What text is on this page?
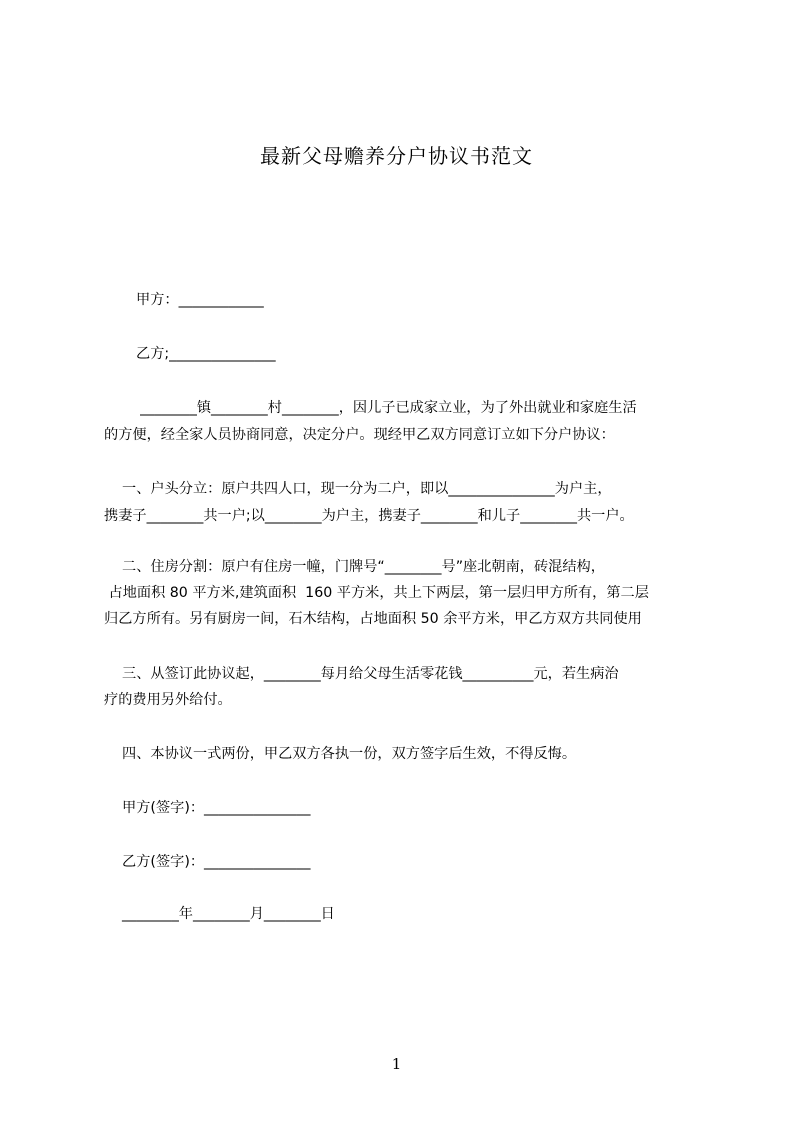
最新父母赡养分户协议书范文
甲方：____________
乙方;_______________
________镇________村________，因儿子已成家立业，为了外出就业和家庭生活
的方便，经全家人员协商同意，决定分户。现经甲乙双方同意订立如下分户协议：
一、户头分立：原户共四人口，现一分为二户，即以_______________为户主，
携妻子________共一户;以________为户主，携妻子________和儿子________共一户。
二、住房分割：原户有住房一幢，门牌号“________号”座北朝南，砖混结构，
占地面积 80 平方米,建筑面积  160 平方米，共上下两层，第一层归甲方所有，第二层
归乙方所有。另有厨房一间，石木结构，占地面积 50 余平方米，甲乙方双方共同使用
三、从签订此协议起，________每月给父母生活零花钱__________元，若生病治
疗的费用另外给付。
四、本协议一式两份，甲乙双方各执一份，双方签字后生效，不得反悔。
甲方(签字)：_______________
乙方(签字)：_______________
________年________月________日
1
